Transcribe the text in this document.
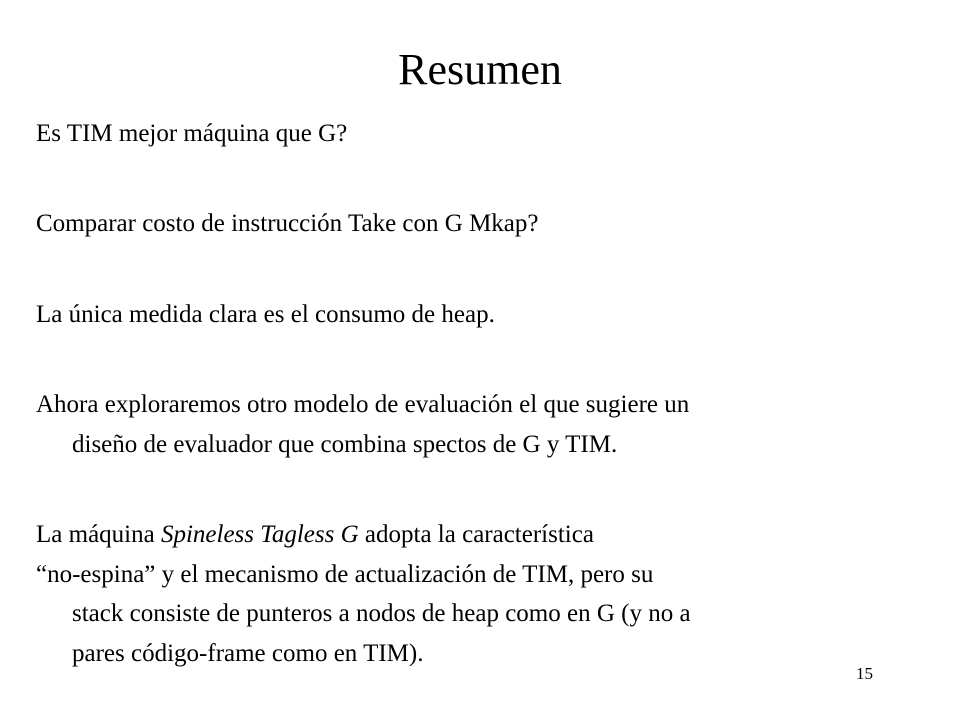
Resumen
Es TIM mejor máquina que G?
Comparar costo de instrucción Take con G Mkap?
La única medida clara es el consumo de heap.
Ahora exploraremos otro modelo de evaluación el que sugiere un
diseño de evaluador que combina spectos de G y TIM.
La máquina Spineless Tagless G adopta la característica
“no-espina” y el mecanismo de actualización de TIM, pero su
stack consiste de punteros a nodos de heap como en G (y no a
pares código-frame como en TIM).
15
